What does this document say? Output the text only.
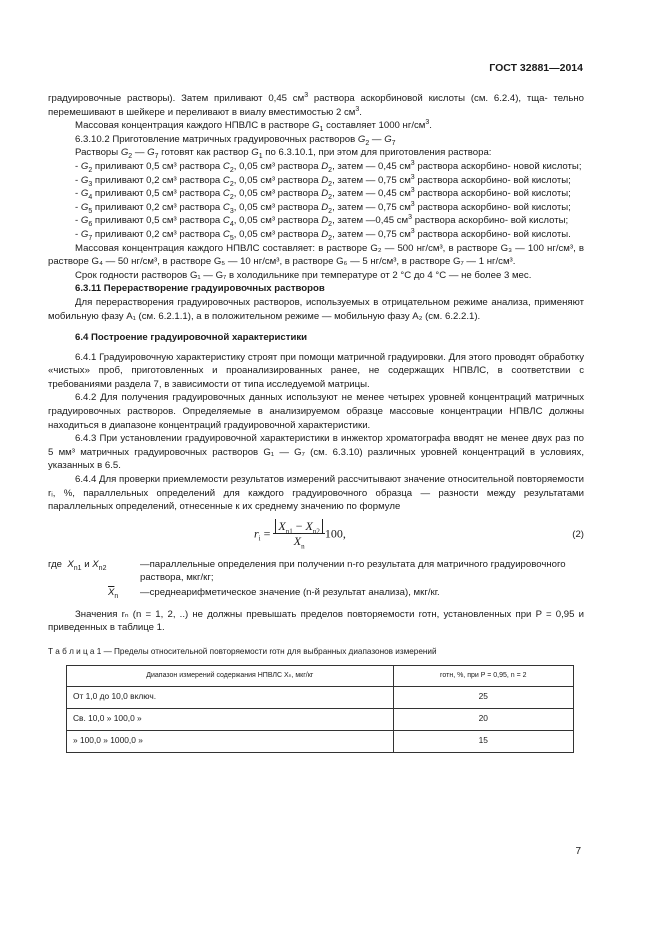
ГОСТ 32881—2014

градуировочные растворы). Затем приливают 0,45 $см^3$ раствора аскорбиновой кислоты (см. 6.2.4), тща- тельно перемешивают в шейкере и переливают в виалу вместимостью 2 $см^3$.

Массовая концентрация каждого НПВЛС в растворе $G_1$ составляет 1000 $нг/см^3$.

6.3.10.2 Приготовление матричных градуировочных растворов $G_2$ — $G_7$

Растворы $G_2$ — $G_7$ готовят как раствор $G_1$ по 6.3.10.1, при этом для приготовления раствора:

- $G_2$ приливают 0,5 см³ раствора $C_2$, 0,05 см³ раствора $D_2$, затем — 0,45 $см^3$ раствора аскорбино- новой кислоты;

- $G_3$ приливают 0,2 см³ раствора $C_2$, 0,05 см³ раствора $D_2$, затем — 0,75 $см^3$ раствора аскорбино- вой кислоты;

- $G_4$ приливают 0,5 см³ раствора $C_2$, 0,05 см³ раствора $D_2$, затем — 0,45 $см^3$ раствора аскорбино- вой кислоты;

- $G_5$ приливают 0,2 см³ раствора $C_3$, 0,05 см³ раствора $D_2$, затем — 0,75 $см^3$ раствора аскорбино- вой кислоты;

- $G_6$ приливают 0,5 см³ раствора $C_4$, 0,05 см³ раствора $D_2$, затем —0,45 $см^3$ раствора аскорбино- вой кислоты;

- $G_7$ приливают 0,2 см³ раствора $C_5$, 0,05 см³ раствора $D_2$, затем — 0,75 $см^3$ раствора аскорбино- вой кислоты.

Массовая концентрация каждого НПВЛС составляет: в растворе G₂ — 500 нг/см³, в растворе G₃ — 100 нг/см³, в растворе G₄ — 50 нг/см³, в растворе G₅ — 10 нг/см³, в растворе G₆ — 5 нг/см³, в растворе G₇ — 1 нг/см³.

Срок годности растворов G₁ — G₇ в холодильнике при температуре от 2 °С до 4 °С — не более 3 мес.

6.3.11 Перерастворение градуировочных растворов

Для перерастворения градуировочных растворов, используемых в отрицательном режиме анализа, применяют мобильную фазу A₁ (см. 6.2.1.1), а в положительном режиме — мобильную фазу A₂ (см. 6.2.2.1).

6.4 Построение градуировочной характеристики

6.4.1 Градуировочную характеристику строят при помощи матричной градуировки. Для этого проводят обработку «чистых» проб, приготовленных и проанализированных ранее, не содержащих НПВЛС, в соответствии с требованиями раздела 7, в зависимости от типа исследуемой матрицы.

6.4.2 Для получения градуировочных данных используют не менее четырех уровней концентраций матричных градуировочных растворов. Определяемые в анализируемом образце массовые концентрации НПВЛС должны находиться в диапазоне концентраций градуировочной характеристики.

6.4.3 При установлении градуировочной характеристики в инжектор хроматографа вводят не менее двух раз по 5 мм³ матричных градуировочных растворов G₁ — G₇ (см. 6.3.10) различных уровней концентраций в условиях, указанных в 6.5.

6.4.4 Для проверки приемлемости результатов измерений рассчитывают значение относительной повторяемости rᵢ, %, параллельных определений для каждого градуировочного образца — разности между результатами параллельных определений, отнесенные к их среднему значению по формуле

$r_i = \frac{X_{n1} - X_{n2}}{\overline{X}_n} 100$,	(2)
где $X_{n1}$ и $X_{n2}$	—параллельные определения при получении n-го результата для матричного градуировочного раствора, мкг/кг;
$\overline{X}_n$ —среднеарифметическое значение (n-й результат анализа), мкг/кг.

Значения rₙ (n = 1, 2, ..) не должны превышать пределов повторяемости rотн, установленных при P = 0,95 и приведенных в таблице 1.

Т а б л и ц а 1 — Пределы относительной повторяемости rотн для выбранных диапазонов измерений

Диапазон измерений содержания НПВЛС Xₙ, мкг/кг	rотн, %, при P = 0,95, n = 2
От 1,0 до 10,0 включ.	25
Св. 10,0 » 100,0 »	20
» 100,0 » 1000,0 »	15
7
